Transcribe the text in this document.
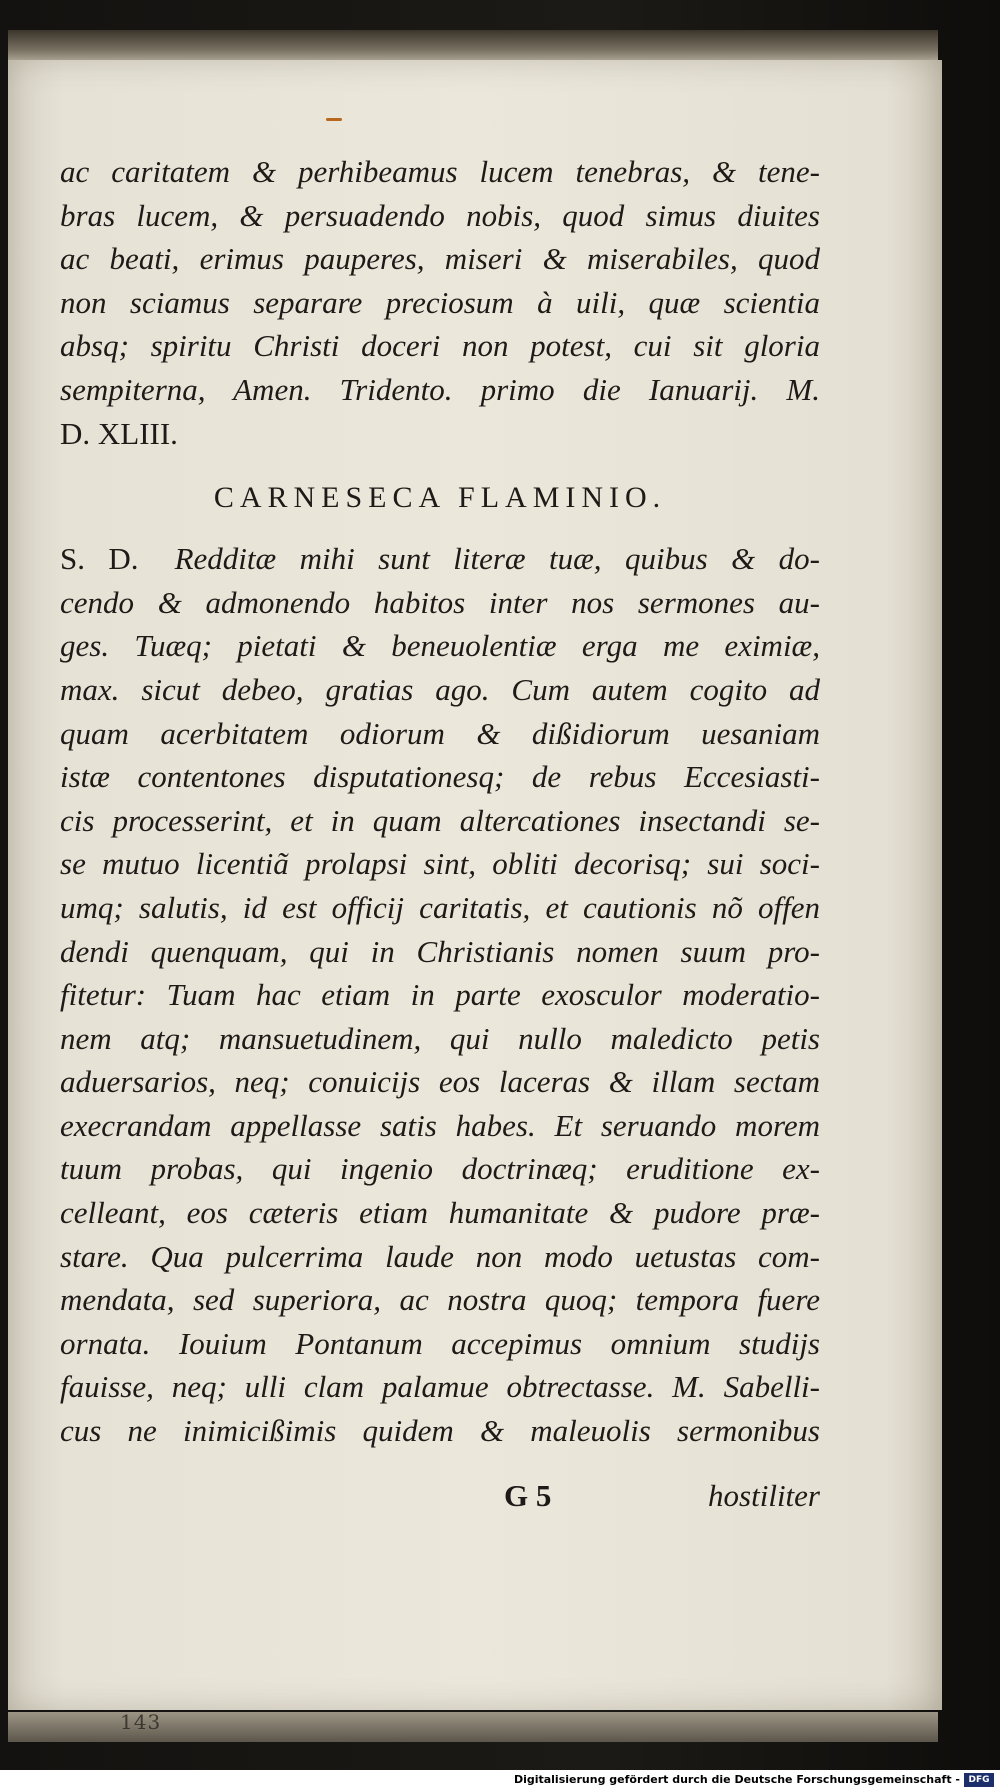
ac caritatem & perhibeamus lucem tenebras, & tene-
bras lucem, & persuadendo nobis, quod simus diuites
ac beati, erimus pauperes, miseri & miserabiles, quod
non sciamus separare preciosum à uili, quæ scientia
absq; spiritu Christi doceri non potest, cui sit gloria
sempiterna, Amen. Tridento. primo die Ianuarij. M.
D. XLIII.
CARNESECA FLAMINIO.
S. D. Redditæ mihi sunt literæ tuæ, quibus & do-
cendo & admonendo habitos inter nos sermones au-
ges. Tuæq; pietati & beneuolentiæ erga me eximiæ,
max. sicut debeo, gratias ago. Cum autem cogito ad
quam acerbitatem odiorum & dißidiorum uesaniam
istæ contentones disputationesq; de rebus Eccesiasti-
cis processerint, et in quam altercationes insectandi se-
se mutuo licentiã prolapsi sint, obliti decorisq; sui soci-
umq; salutis, id est officij caritatis, et cautionis nõ offen
dendi quenquam, qui in Christianis nomen suum pro-
fitetur: Tuam hac etiam in parte exosculor moderatio-
nem atq; mansuetudinem, qui nullo maledicto petis
aduersarios, neq; conuicijs eos laceras & illam sectam
execrandam appellasse satis habes. Et seruando morem
tuum probas, qui ingenio doctrinæq; eruditione ex-
celleant, eos cæteris etiam humanitate & pudore præ-
stare. Qua pulcerrima laude non modo uetustas com-
mendata, sed superiora, ac nostra quoq; tempora fuere
ornata. Iouium Pontanum accepimus omnium studijs
fauisse, neq; ulli clam palamue obtrectasse. M. Sabelli-
cus ne inimicißimis quidem & maleuolis sermonibus
G 5	hostiliter
143
Digitalisierung gefördert durch die Deutsche Forschungsgemeinschaft - DFG
